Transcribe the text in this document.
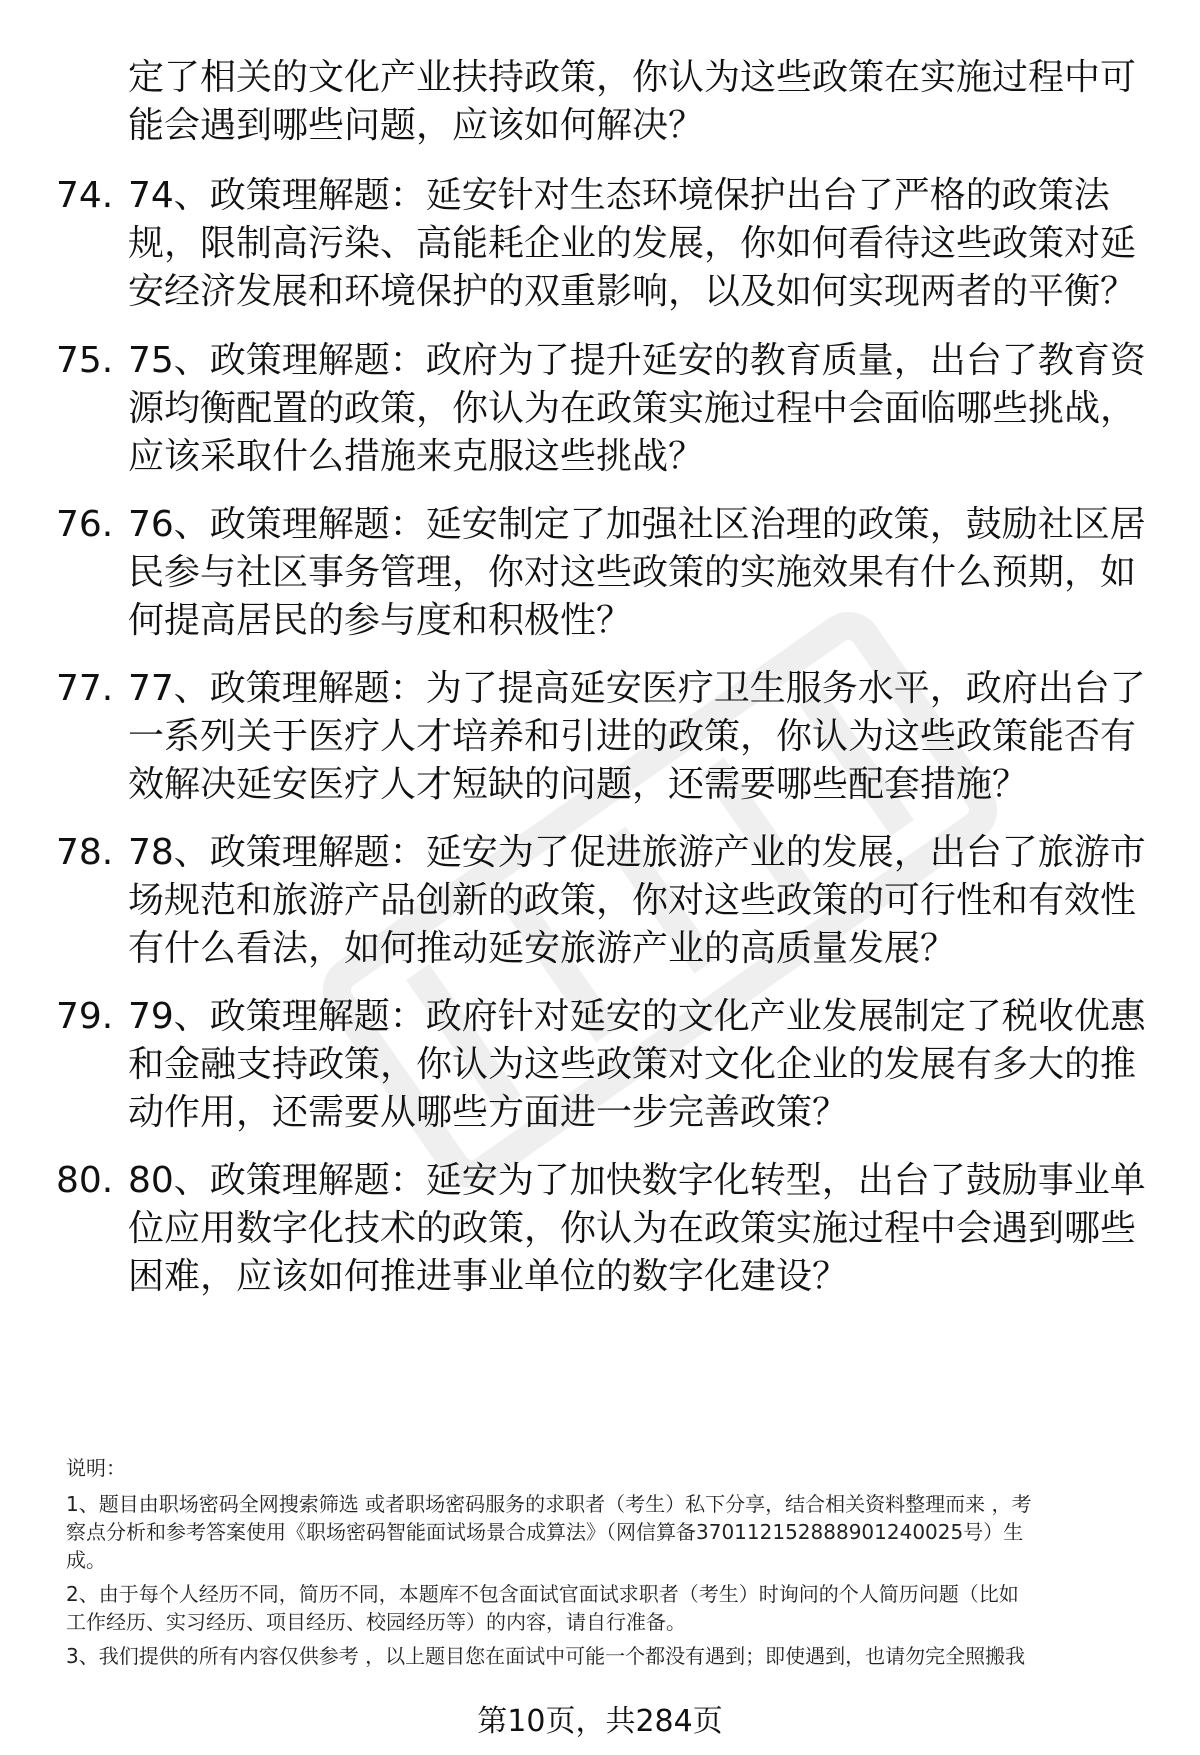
定了相关的文化产业扶持政策，你认为这些政策在实施过程中可
能会遇到哪些问题，应该如何解决？
74. 74、政策理解题：延安针对生态环境保护出台了严格的政策法
规，限制高污染、高能耗企业的发展，你如何看待这些政策对延
安经济发展和环境保护的双重影响，以及如何实现两者的平衡？
75. 75、政策理解题：政府为了提升延安的教育质量，出台了教育资
源均衡配置的政策，你认为在政策实施过程中会面临哪些挑战，
应该采取什么措施来克服这些挑战？
76. 76、政策理解题：延安制定了加强社区治理的政策，鼓励社区居
民参与社区事务管理，你对这些政策的实施效果有什么预期，如
何提高居民的参与度和积极性？
77. 77、政策理解题：为了提高延安医疗卫生服务水平，政府出台了
一系列关于医疗人才培养和引进的政策，你认为这些政策能否有
效解决延安医疗人才短缺的问题，还需要哪些配套措施？
78. 78、政策理解题：延安为了促进旅游产业的发展，出台了旅游市
场规范和旅游产品创新的政策，你对这些政策的可行性和有效性
有什么看法，如何推动延安旅游产业的高质量发展？
79. 79、政策理解题：政府针对延安的文化产业发展制定了税收优惠
和金融支持政策，你认为这些政策对文化企业的发展有多大的推
动作用，还需要从哪些方面进一步完善政策？
80. 80、政策理解题：延安为了加快数字化转型，出台了鼓励事业单
位应用数字化技术的政策，你认为在政策实施过程中会遇到哪些
困难，应该如何推进事业单位的数字化建设？
说明：
1、题目由职场密码全网搜索筛选 或者职场密码服务的求职者（考生）私下分享，结合相关资料整理而来 ，考
察点分析和参考答案使用《职场密码智能面试场景合成算法》（网信算备370112152888901240025号）生
成。
2、由于每个人经历不同，简历不同，本题库不包含面试官面试求职者（考生）时询问的个人简历问题（比如
工作经历、实习经历、项目经历、校园经历等）的内容，请自行准备。
3、我们提供的所有内容仅供参考 ，以上题目您在面试中可能一个都没有遇到；即使遇到，也请勿完全照搬我
第10页，共284页
